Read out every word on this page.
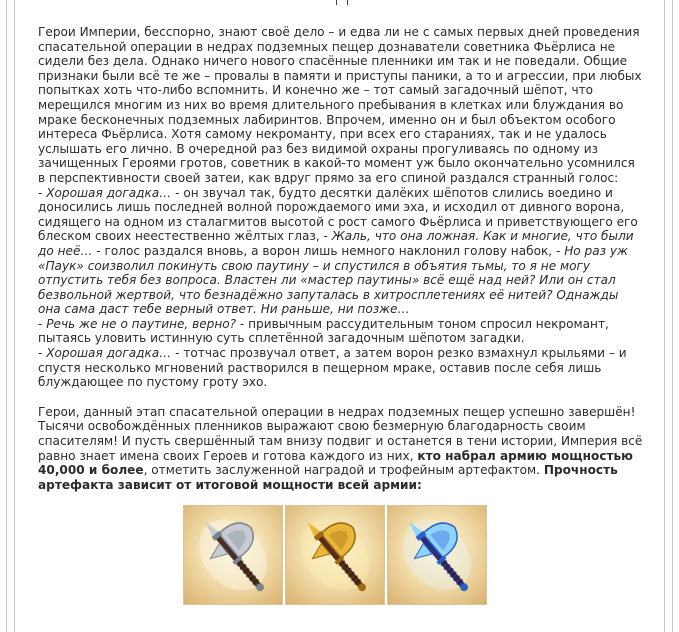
Герои Империи, бесспорно, знают своё дело – и едва ли не с самых первых дней проведения спасательной операции в недрах подземных пещер дознаватели советника Фьёрлиса не сидели без дела. Однако ничего нового спасённые пленники им так и не поведали. Общие признаки были всё те же – провалы в памяти и приступы паники, а то и агрессии, при любых попытках хоть что-либо вспомнить. И конечно же – тот самый загадочный шёпот, что мерещился многим из них во время длительного пребывания в клетках или блуждания во мраке бесконечных подземных лабиринтов. Впрочем, именно он и был объектом особого интереса Фьёрлиса. Хотя самому некроманту, при всех его стараниях, так и не удалось услышать его лично. В очередной раз без видимой охраны прогуливаясь по одному из зачищенных Героями гротов, советник в какой-то момент уж было окончательно усомнился в перспективности своей затеи, как вдруг прямо за его спиной раздался странный голос:
- Хорошая догадка… - он звучал так, будто десятки далёких шёпотов слились воедино и доносились лишь последней волной порождаемого ими эха, и исходил от дивного ворона, сидящего на одном из сталагмитов высотой с рост самого Фьёрлиса и приветствующего его блеском своих неестественно жёлтых глаз, - Жаль, что она ложная. Как и многие, что были до неё… - голос раздался вновь, а ворон лишь немного наклонил голову набок, - Но раз уж «Паук» соизволил покинуть свою паутину – и спустился в объятия тьмы, то я не могу отпустить тебя без вопроса. Властен ли «мастер паутины» всё ещё над ней? Или он стал безвольной жертвой, что безнадёжно запуталась в хитросплетениях её нитей? Однажды она сама даст тебе верный ответ. Ни раньше, ни позже…
- Речь же не о паутине, верно? - привычным рассудительным тоном спросил некромант, пытаясь уловить истинную суть сплетённой загадочным шёпотом загадки.
- Хорошая догадка… - тотчас прозвучал ответ, а затем ворон резко взмахнул крыльями – и спустя несколько мгновений растворился в пещерном мраке, оставив после себя лишь блуждающее по пустому гроту эхо.

Герои, данный этап спасательной операции в недрах подземных пещер успешно завершён! Тысячи освобождённых пленников выражают свою безмерную благодарность своим спасителям! И пусть свершённый там внизу подвиг и останется в тени истории, Империя всё равно знает имена своих Героев и готова каждого из них, кто набрал армию мощностью 40,000 и более, отметить заслуженной наградой и трофейным артефактом. Прочность артефакта зависит от итоговой мощности всей армии:
